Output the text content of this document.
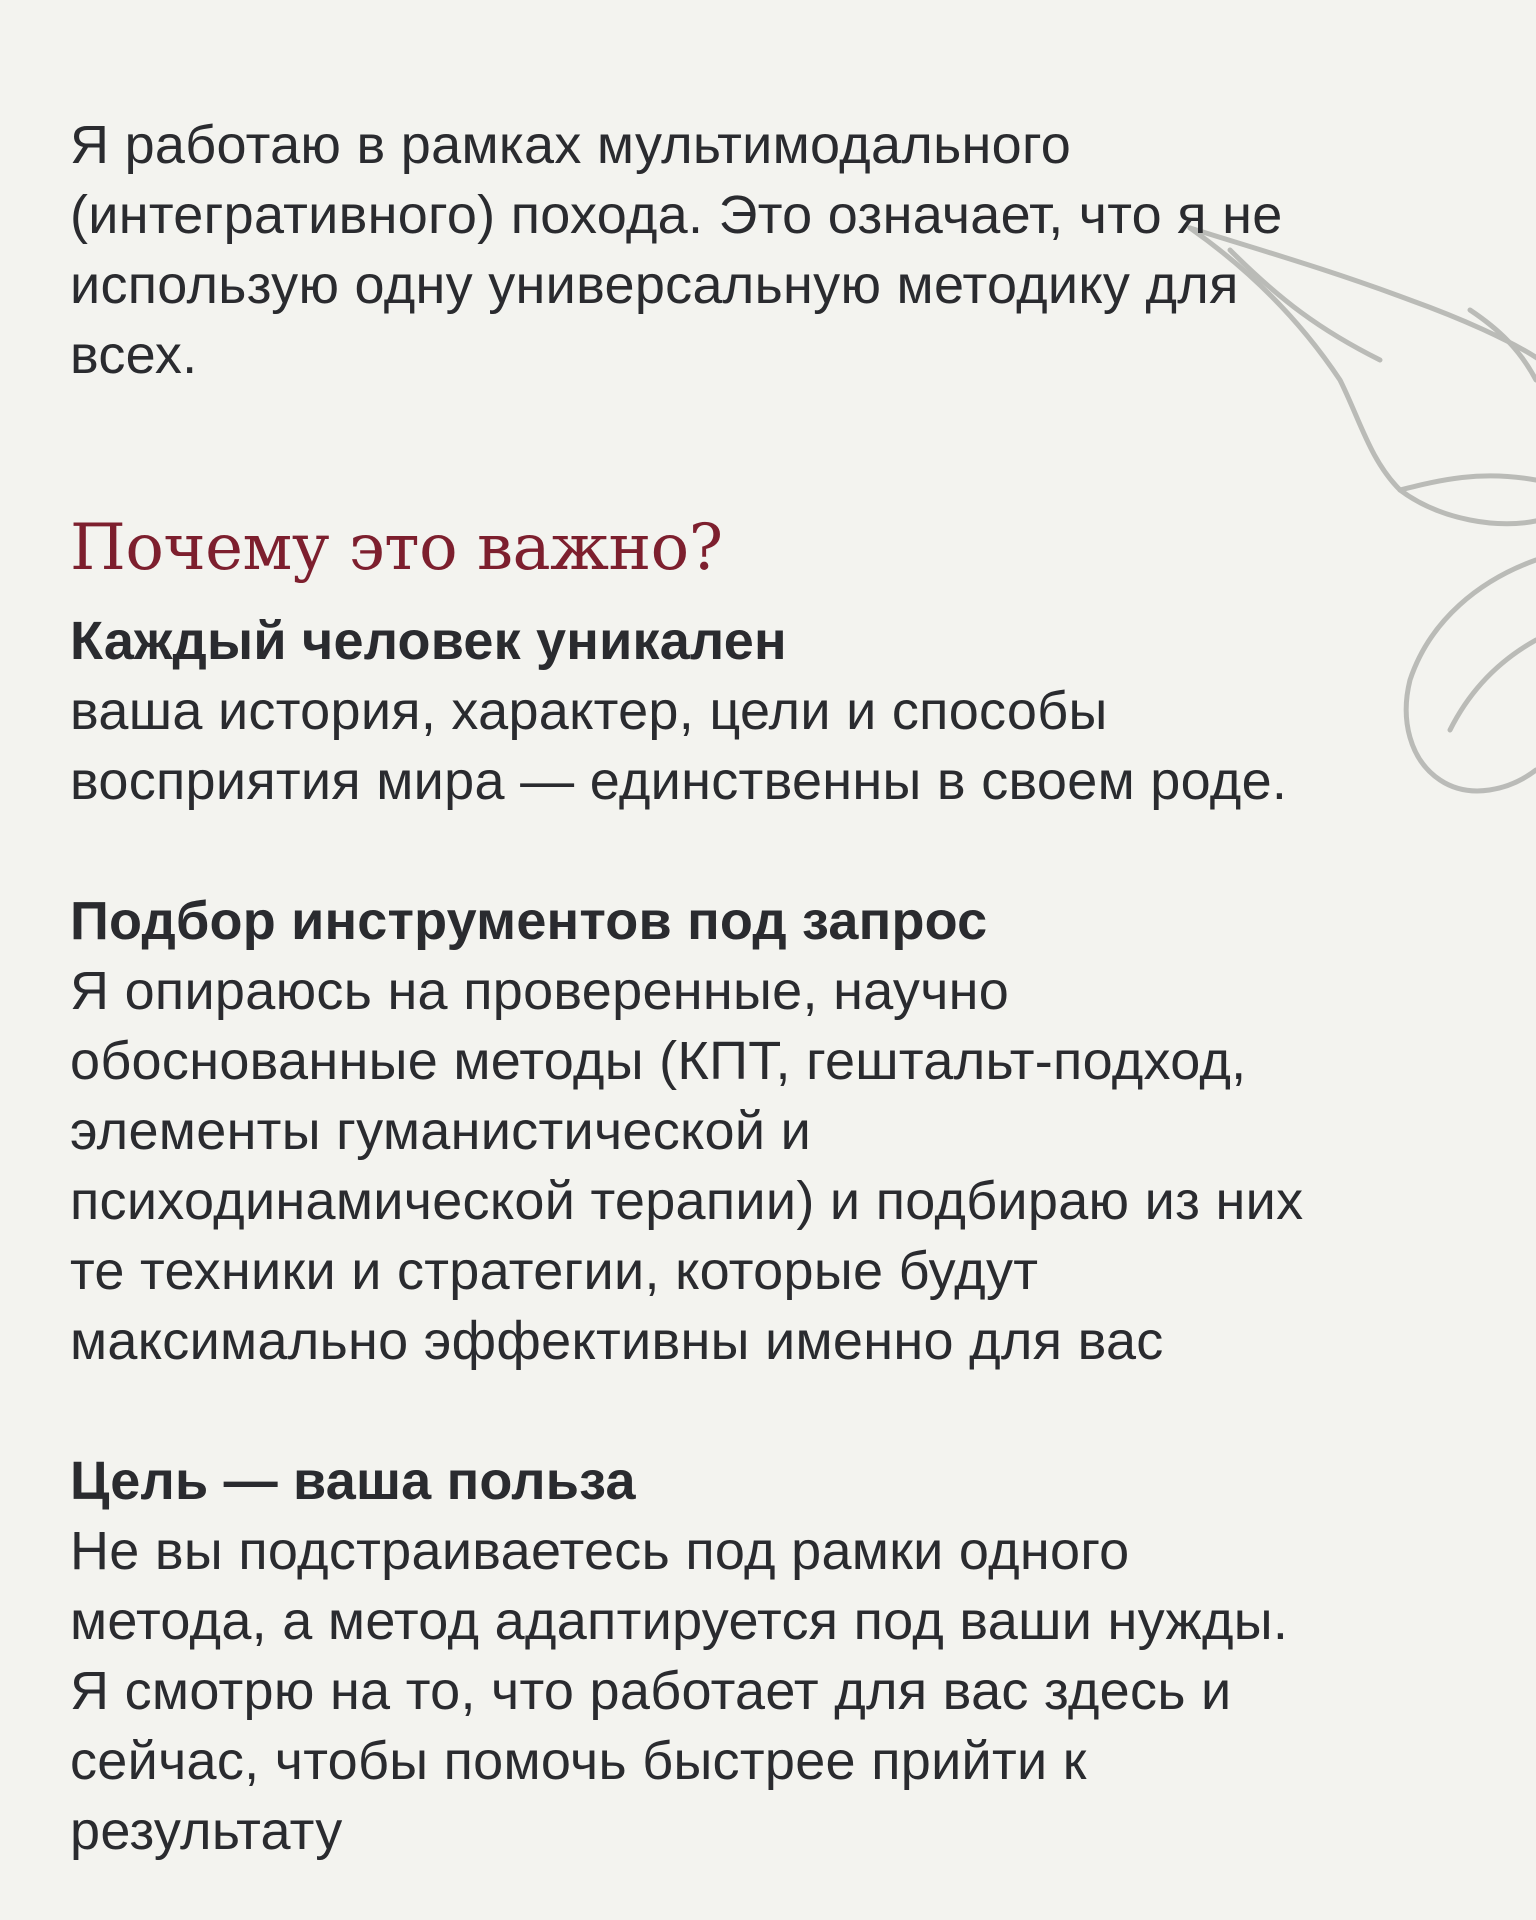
Я работаю в рамках мультимодального
(интегративного) похода. Это означает, что я не
использую одну универсальную методику для
всех.

Почему это важно?

Каждый человек уникален

ваша история, характер, цели и способы
восприятия мира — единственны в своем роде.

Подбор инструментов под запрос

Я опираюсь на проверенные, научно
обоснованные методы (КПТ, гештальт-подход,
элементы гуманистической и
психодинамической терапии) и подбираю из них
те техники и стратегии, которые будут
максимально эффективны именно для вас

Цель — ваша польза

Не вы подстраиваетесь под рамки одного
метода, а метод адаптируется под ваши нужды.
Я смотрю на то, что работает для вас здесь и
сейчас, чтобы помочь быстрее прийти к
результату
